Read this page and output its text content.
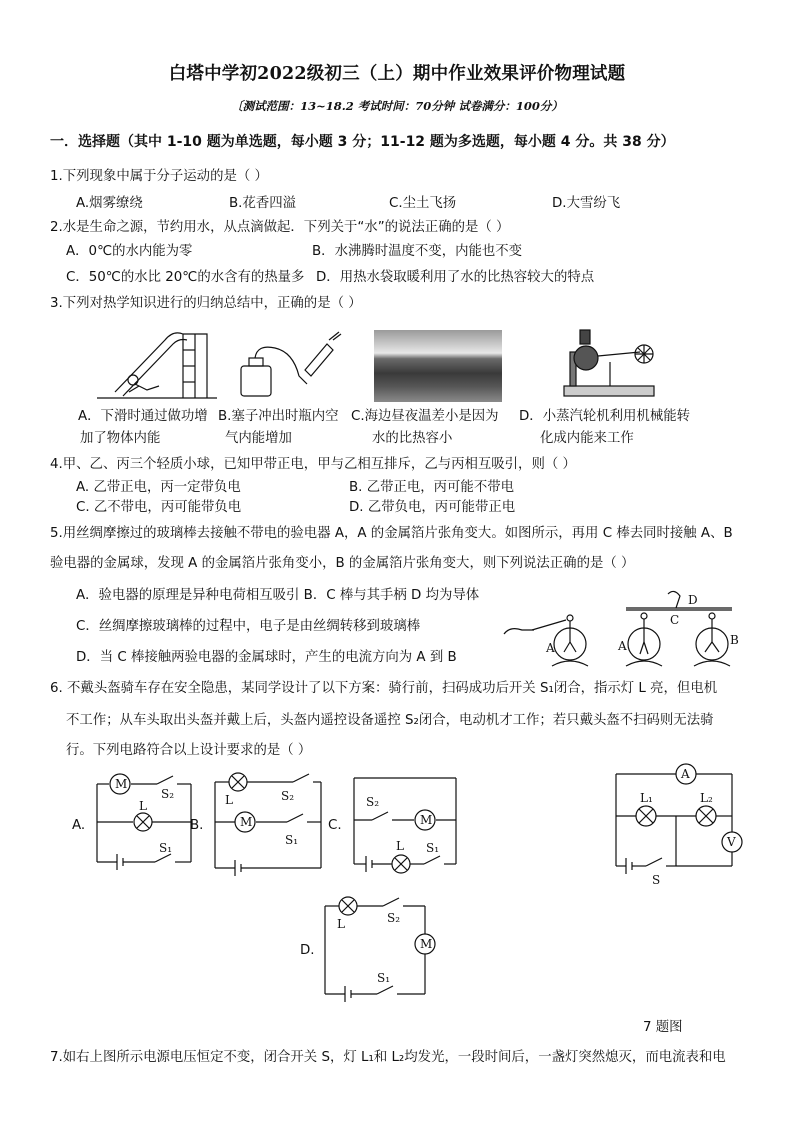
白塔中学初2022级初三（上）期中作业效果评价物理试题
〔测试范围：13~18.2 考试时间：70分钟 试卷满分：100分）
一．选择题（其中 1-10 题为单选题，每小题 3 分；11-12 题为多选题，每小题 4 分。共 38 分）
1.下列现象中属于分子运动的是（ ）
A.烟雾缭绕	B.花香四溢	C.尘土飞扬	D.大雪纷飞
2.水是生命之源，节约用水，从点滴做起．下列关于“水”的说法正确的是（ ）
A．0℃的水内能为零	B．水沸腾时温度不变，内能也不变
C．50℃的水比 20℃的水含有的热量多 D．用热水袋取暖利用了水的比热容较大的特点
3.下列对热学知识进行的归纳总结中，正确的是（ ）
A．下滑时通过做功增
加了物体内能
B.塞子冲出时瓶内空
气内能增加
C.海边昼夜温差小是因为
水的比热容小
D．小蒸汽轮机利用机械能转
化成内能来工作
4.甲、乙、丙三个轻质小球，已知甲带正电，甲与乙相互排斥，乙与丙相互吸引，则（ ）
A. 乙带正电，丙一定带负电	B. 乙带正电，丙可能不带电
C. 乙不带电，丙可能带负电	D. 乙带负电，丙可能带正电
5.用丝绸摩擦过的玻璃棒去接触不带电的验电器 A，A 的金属箔片张角变大。如图所示，再用 C 棒去同时接触 A、B
验电器的金属球，发现 A 的金属箔片张角变小，B 的金属箔片张角变大，则下列说法正确的是（ ）
A．验电器的原理是异种电荷相互吸引 B．C 棒与其手柄 D 均为导体
C．丝绸摩擦玻璃棒的过程中，电子是由丝绸转移到玻璃棒
D．当 C 棒接触两验电器的金属球时，产生的电流方向为 A 到 B
A
D
C
A	B
6. 不戴头盔骑车存在安全隐患，某同学设计了以下方案：骑行前，扫码成功后开关 S₁闭合，指示灯 L 亮，但电机
不工作；从车头取出头盔并戴上后，头盔内遥控设备遥控 S₂闭合，电动机才工作；若只戴头盔不扫码则无法骑
行。下列电路符合以上设计要求的是（ ）
A.
M
S₂
L
S₁
B.
L	S₂
M
S₁
C.
S₂
M
L S₁
D.
L	S₂
M
S₁
A
L₁	L₂
V
S
7 题图
7.如右上图所示电源电压恒定不变，闭合开关 S，灯 L₁和 L₂均发光，一段时间后，一盏灯突然熄灭，而电流表和电
